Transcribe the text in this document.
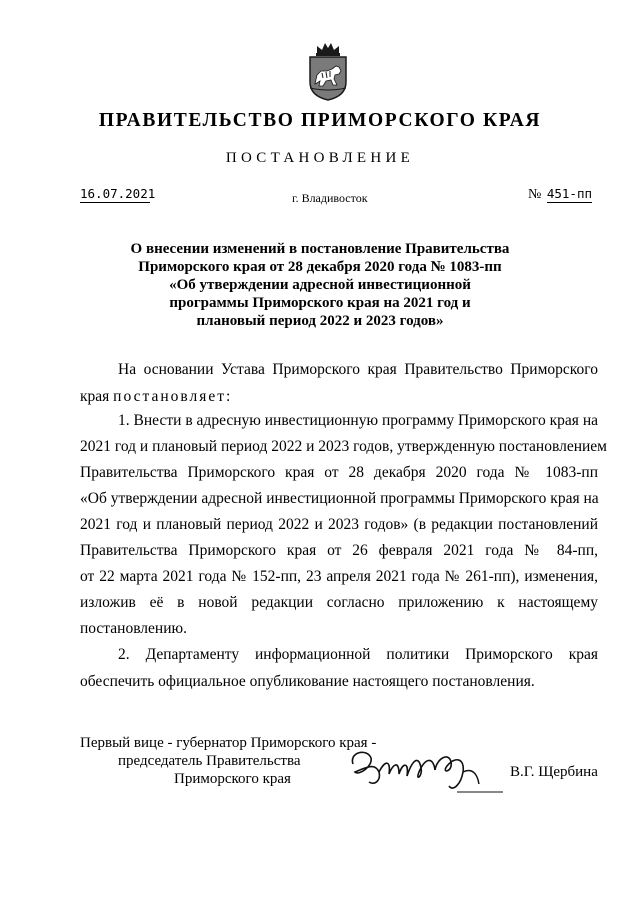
ПРАВИТЕЛЬСТВО ПРИМОРСКОГО КРАЯ
ПОСТАНОВЛЕНИЕ
16.07.2021	г. Владивосток	№ 451-пп
О внесении изменений в постановление Правительства
Приморского края от 28 декабря 2020 года № 1083-пп
«Об утверждении адресной инвестиционной
программы Приморского края на 2021 год и
плановый период 2022 и 2023 годов»
На основании Устава Приморского края Правительство Приморского
края постановляет:
1. Внести в адресную инвестиционную программу Приморского края на
2021 год и плановый период 2022 и 2023 годов, утвержденную постановлением
Правительства Приморского края от 28 декабря 2020 года № 1083-пп
«Об утверждении адресной инвестиционной программы Приморского края на
2021 год и плановый период 2022 и 2023 годов» (в редакции постановлений
Правительства Приморского края от 26 февраля 2021 года № 84-пп,
от 22 марта 2021 года № 152-пп, 23 апреля 2021 года № 261-пп), изменения,
изложив её в новой редакции согласно приложению к настоящему
постановлению.
2. Департаменту информационной политики Приморского края
обеспечить официальное опубликование настоящего постановления.
Первый вице - губернатор Приморского края -
председатель Правительства
Приморского края	В.Г. Щербина
